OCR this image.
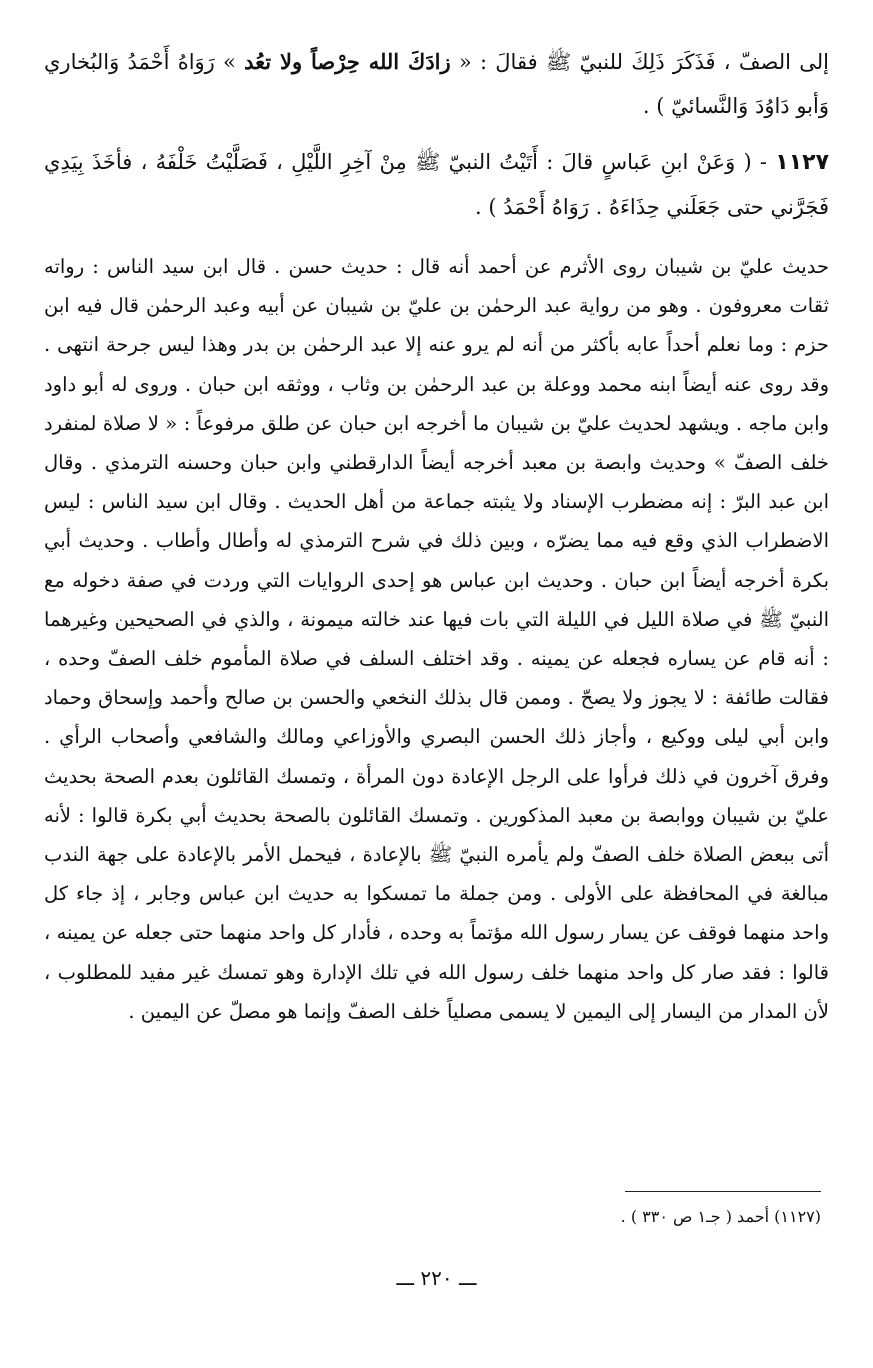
إلى الصفّ ، فَذَكَرَ ذَلِكَ للنبيّ ﷺ فقالَ : « زادَكَ الله حِرْصاً ولا تعُد » رَوَاهُ أَحْمَدُ وَالبُخاري وَأبو دَاوُدَ وَالنَّسائيّ ) .

١١٢٧ - ( وَعَنْ ابنِ عَباسٍ قالَ : أَتَيْتُ النبيّ ﷺ مِنْ آخِرِ اللَّيْلِ ، فَصَلَّيْتُ خَلْفَهُ ، فأخَذَ بِيَدِي فَجَرَّني حتى جَعَلَني حِذَاءَهُ . رَوَاهُ أَحْمَدُ ) .

حديث عليّ بن شيبان روى الأثرم عن أحمد أنه قال : حديث حسن . قال ابن سيد الناس : رواته ثقات معروفون . وهو من رواية عبد الرحمٰن بن عليّ بن شيبان عن أبيه وعبد الرحمٰن قال فيه ابن حزم : وما نعلم أحداً عابه بأكثر من أنه لم يرو عنه إلا عبد الرحمٰن بن بدر وهذا ليس جرحة انتهى . وقد روى عنه أيضاً ابنه محمد ووعلة بن عبد الرحمٰن بن وثاب ، ووثقه ابن حبان . وروى له أبو داود وابن ماجه . ويشهد لحديث عليّ بن شيبان ما أخرجه ابن حبان عن طلق مرفوعاً : « لا صلاة لمنفرد خلف الصفّ » وحديث وابصة بن معبد أخرجه أيضاً الدارقطني وابن حبان وحسنه الترمذي . وقال ابن عبد البرّ : إنه مضطرب الإسناد ولا يثبته جماعة من أهل الحديث . وقال ابن سيد الناس : ليس الاضطراب الذي وقع فيه مما يضرّه ، وبين ذلك في شرح الترمذي له وأطال وأطاب . وحديث أبي بكرة أخرجه أيضاً ابن حبان . وحديث ابن عباس هو إحدى الروايات التي وردت في صفة دخوله مع النبيّ ﷺ في صلاة الليل في الليلة التي بات فيها عند خالته ميمونة ، والذي في الصحيحين وغيرهما : أنه قام عن يساره فجعله عن يمينه . وقد اختلف السلف في صلاة المأموم خلف الصفّ وحده ، فقالت طائفة : لا يجوز ولا يصحّ . وممن قال بذلك النخعي والحسن بن صالح وأحمد وإسحاق وحماد وابن أبي ليلى ووكيع ، وأجاز ذلك الحسن البصري والأوزاعي ومالك والشافعي وأصحاب الرأي . وفرق آخرون في ذلك فرأوا على الرجل الإعادة دون المرأة ، وتمسك القائلون بعدم الصحة بحديث عليّ بن شيبان ووابصة بن معبد المذكورين . وتمسك القائلون بالصحة بحديث أبي بكرة قالوا : لأنه أتى ببعض الصلاة خلف الصفّ ولم يأمره النبيّ ﷺ بالإعادة ، فيحمل الأمر بالإعادة على جهة الندب مبالغة في المحافظة على الأولى . ومن جملة ما تمسكوا به حديث ابن عباس وجابر ، إذ جاء كل واحد منهما فوقف عن يسار رسول الله مؤتماً به وحده ، فأدار كل واحد منهما حتى جعله عن يمينه ، قالوا : فقد صار كل واحد منهما خلف رسول الله في تلك الإدارة وهو تمسك غير مفيد للمطلوب ، لأن المدار من اليسار إلى اليمين لا يسمى مصلياً خلف الصفّ وإنما هو مصلّ عن اليمين .

(١١٢٧) أحمد ( جـ١ ص ٣٣٠ ) .

ـــ ٢٢٠ ـــ
